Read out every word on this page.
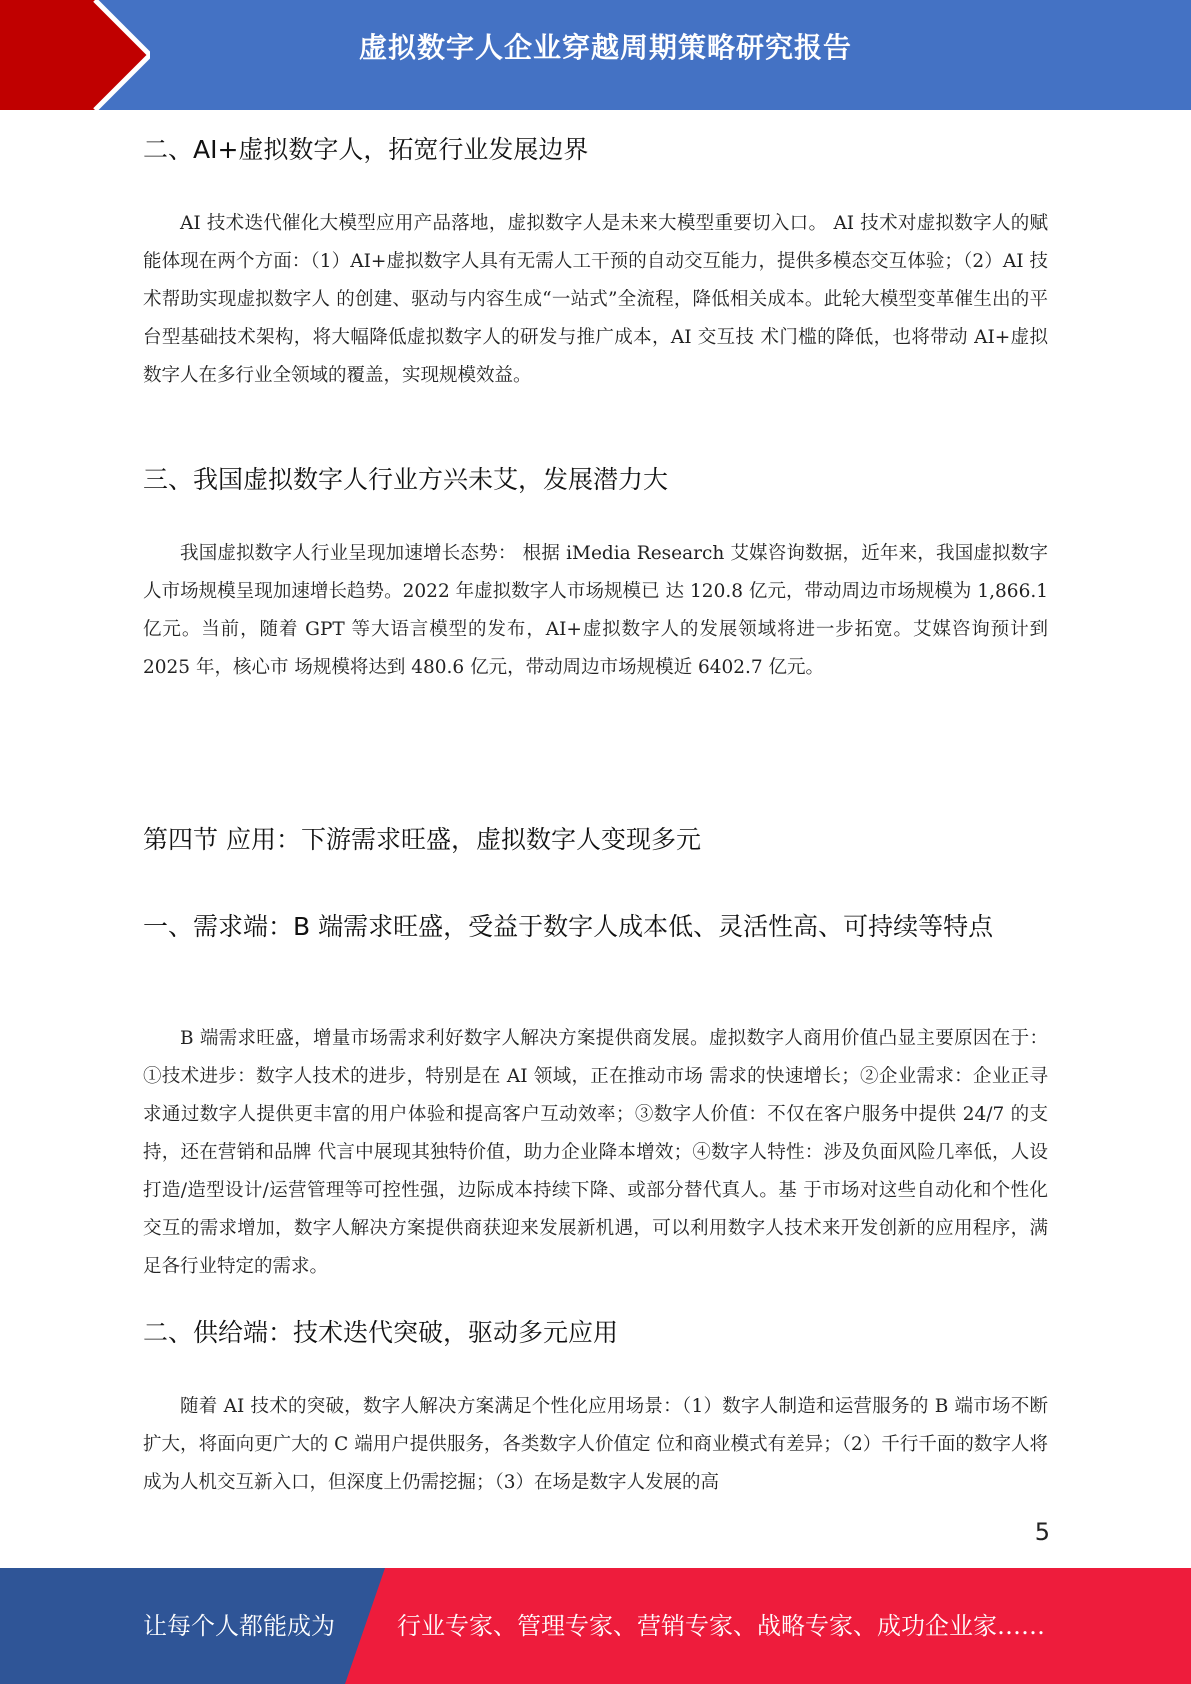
虚拟数字人企业穿越周期策略研究报告
二、AI+虚拟数字人，拓宽行业发展边界

AI 技术迭代催化大模型应用产品落地，虚拟数字人是未来大模型重要切入口。 AI 技术对虚拟数字人的赋能体现在两个方面：（1）AI+虚拟数字人具有无需人工干预的自动交互能力，提供多模态交互体验；（2）AI 技术帮助实现虚拟数字人 的创建、驱动与内容生成“一站式”全流程，降低相关成本。此轮大模型变革催生出的平台型基础技术架构，将大幅降低虚拟数字人的研发与推广成本，AI 交互技 术门槛的降低，也将带动 AI+虚拟数字人在多行业全领域的覆盖，实现规模效益。

三、我国虚拟数字人行业方兴未艾，发展潜力大

我国虚拟数字人行业呈现加速增长态势： 根据 iMedia Research 艾媒咨询数据，近年来，我国虚拟数字人市场规模呈现加速增长趋势。2022 年虚拟数字人市场规模已 达 120.8 亿元，带动周边市场规模为 1,866.1 亿元。当前，随着 GPT 等大语言模型的发布，AI+虚拟数字人的发展领域将进一步拓宽。艾媒咨询预计到 2025 年，核心市 场规模将达到 480.6 亿元，带动周边市场规模近 6402.7 亿元。

第四节 应用：下游需求旺盛，虚拟数字人变现多元
一、需求端：B 端需求旺盛，受益于数字人成本低、灵活性高、可持续等特点

B 端需求旺盛，增量市场需求利好数字人解决方案提供商发展。虚拟数字人商用价值凸显主要原因在于：①技术进步：数字人技术的进步，特别是在 AI 领域，正在推动市场 需求的快速增长；②企业需求：企业正寻求通过数字人提供更丰富的用户体验和提高客户互动效率；③数字人价值：不仅在客户服务中提供 24/7 的支持，还在营销和品牌 代言中展现其独特价值，助力企业降本增效；④数字人特性：涉及负面风险几率低，人设打造/造型设计/运营管理等可控性强，边际成本持续下降、或部分替代真人。基 于市场对这些自动化和个性化交互的需求增加，数字人解决方案提供商获迎来发展新机遇，可以利用数字人技术来开发创新的应用程序，满足各行业特定的需求。

二、供给端：技术迭代突破，驱动多元应用

随着 AI 技术的突破，数字人解决方案满足个性化应用场景：（1）数字人制造和运营服务的 B 端市场不断扩大，将面向更广大的 C 端用户提供服务，各类数字人价值定 位和商业模式有差异；（2）千行千面的数字人将成为人机交互新入口，但深度上仍需挖掘；（3）在场是数字人发展的高

5
让每个人都能成为	行业专家、管理专家、营销专家、战略专家、成功企业家……
